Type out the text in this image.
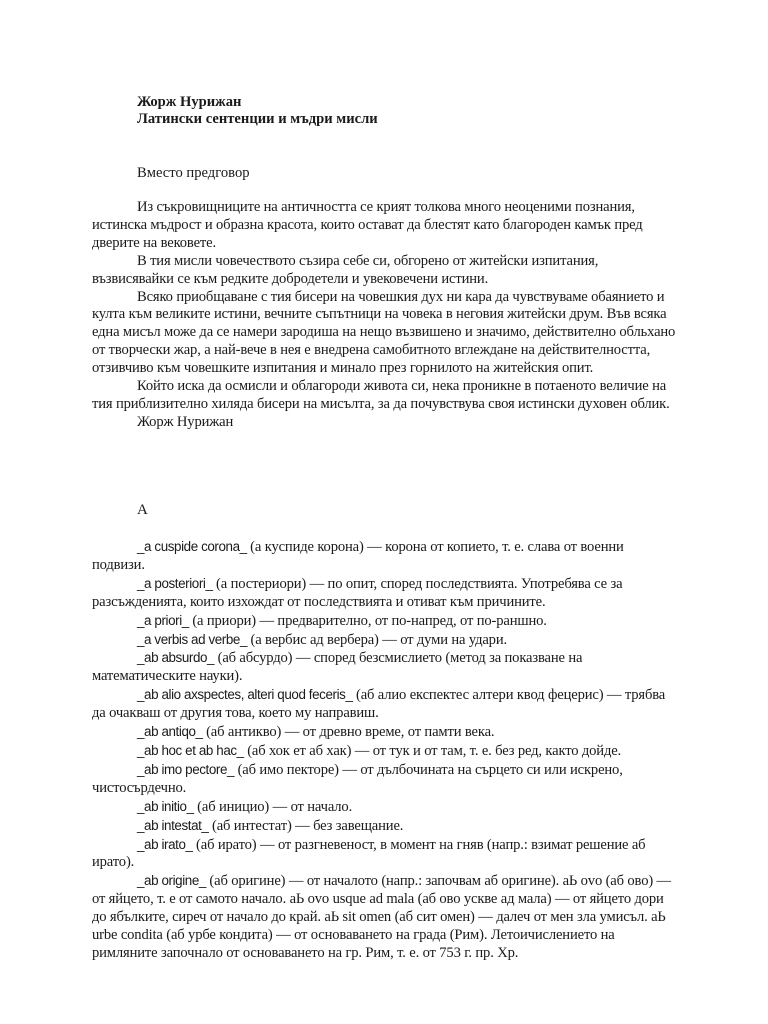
Жорж Нурижан

Латински сентенции и мъдри мисли

Вместо предговор

Из съкровищниците на античността се крият толкова много неоценими познания, истинска мъдрост и образна красота, които остават да блестят като благороден камък пред дверите на вековете.

В тия мисли човечеството съзира себе си, обгорено от житейски изпитания, възвисявайки се към редките добродетели и увековечени истини.

Всяко приобщаване с тия бисери на човешкия дух ни кара да чувствуваме обаянието и култа към великите истини, вечните съпътници на човека в неговия житейски друм. Във всяка една мисъл може да се намери зародиша на нещо възвишено и значимо, действително обльхано от творчески жар, а най-вече в нея е внедрена самобитното вглеждане на действителността, отзивчиво към човешките изпитания и минало през горнилото на житейския опит.

Който иска да осмисли и облагороди живота си, нека проникне в потаеното величие на тия приблизително хиляда бисери на мисълта, за да почувствува своя истински духовен облик.

Жорж Нурижан

А

_a cuspide corona_ (а куспиде корона) — корона от копието, т. е. слава от военни подвизи.

_a posteriori_ (а постериори) — по опит, според последствията. Употребява се за разсъжденията, които изхождат от последствията и отиват към причините.

_a priori_ (а приори) — предварително, от по-напред, от по-раншно.

_a verbis ad verbe_ (а вербис ад вербера) — от думи на удари.

_ab absurdo_ (аб абсурдо) — според безсмислието (метод за показване на математическите науки).

_ab alio axspectes, alteri quod feceris_ (аб алио експектес алтери квод фецерис) — трябва да очакваш от другия това, което му направиш.

_ab antiqo_ (аб антикво) — от древно време, от памти века.

_ab hoc et ab hac_ (аб хок ет аб хак) — от тук и от там, т. е. без ред, както дойде.

_ab imo pectore_ (аб имо пекторе) — от дълбочината на сърцето си или искрено, чистосърдечно.

_ab initio_ (аб инициo) — от начало.

_ab intestat_ (аб интестат) — без завещание.

_ab irato_ (аб ирато) — от разгневеност, в момент на гняв (напр.: взимат решение аб ирато).

_ab origine_ (аб оригине) — от началото (напр.: започвам аб оригине). aЬ ovo (аб ово) — от яйцето, т. е от самото начало. aЬ ovo usque ad mala (аб ово ускве ад мала) — от яйцето дори до ябълките, сиреч от начало до край. aЬ sit omen (аб сит омен) — далеч от мен зла умисъл. aЬ urbe condita (аб урбе кондита) — от основаването на града (Рим). Летоичислението на римляните започнало от основаването на гр. Рим, т. е. от 753 г. пр. Хр.
